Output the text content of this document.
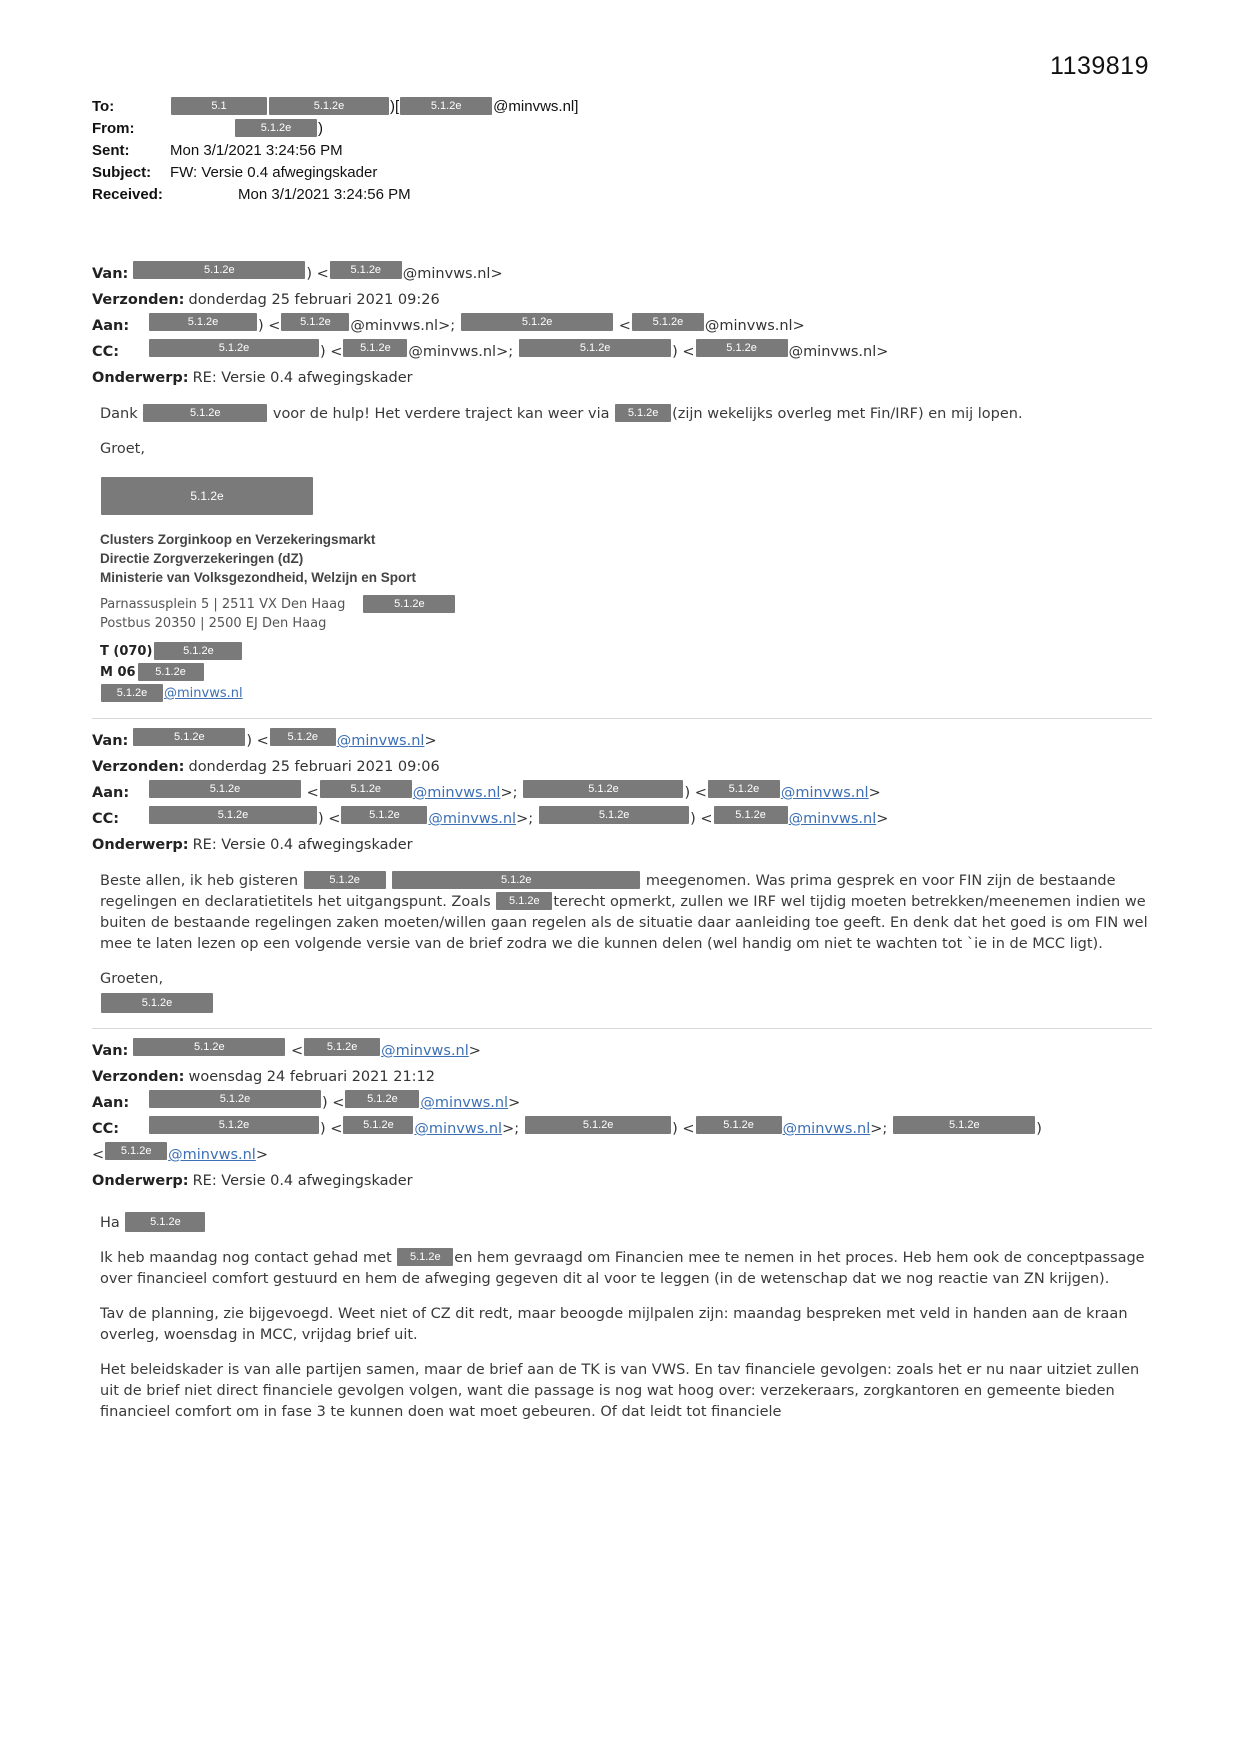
1139819
To:	5.1	5.1.2e	)[	5.1.2e @minvws.nl]
From:	5.1.2e )
Sent:	Mon 3/1/2021 3:24:56 PM
Subject:	FW: Versie 0.4 afwegingskader
Received:	Mon 3/1/2021 3:24:56 PM
Van:	5.1.2e	) <	5.1.2e	@minvws.nl >
Verzonden: donderdag 25 februari 2021 09:26
Aan:	5.1.2e	) <	5.1.2e	@minvws.nl >;	5.1.2e	<	5.1.2e	@minvws.nl >
CC:	5.1.2e	) <	5.1.2e	@minvws.nl >;	5.1.2e	) <	5.1.2e	@minvws.nl >
Onderwerp: RE: Versie 0.4 afwegingskader
Dank	5.1.2e	voor de hulp! Het verdere traject kan weer via 5.1.2e (zijn wekelijks overleg met Fin/IRF) en mij lopen.
Groet,
5.1.2e
Clusters Zorginkoop en Verzekeringsmarkt
Directie Zorgverzekeringen (dZ)
Ministerie van Volksgezondheid, Welzijn en Sport
Parnassusplein 5 | 2511 VX Den Haag	5.1.2e
Postbus 20350 | 2500 EJ Den Haag
T (070)	5.1.2e
M 06 5.1.2e
5.1.2e @minvws.nl
Van:	5.1.2e	) <	5.1.2e	@minvws.nl >
Verzonden: donderdag 25 februari 2021 09:06
Aan:	5.1.2e	<	5.1.2e	@minvws.nl >;	5.1.2e	) <	5.1.2e	@minvws.nl >
CC:	5.1.2e	) <	5.1.2e	@minvws.nl >;	5.1.2e	) <	5.1.2e	@minvws.nl >
Onderwerp: RE: Versie 0.4 afwegingskader
Beste allen, ik heb gisteren	5.1.2e	5.1.2e	meegenomen. Was prima gesprek en voor FIN zijn de bestaande regelingen en declaratietitels het uitgangspunt. Zoals 5.1.2e terecht opmerkt, zullen we IRF wel tijdig moeten betrekken/meenemen indien we buiten de bestaande regelingen zaken moeten/willen gaan regelen als de situatie daar aanleiding toe geeft. En denk dat het goed is om FIN wel mee te laten lezen op een volgende versie van de brief zodra we die kunnen delen (wel handig om niet te wachten tot `ie in de MCC ligt).
Groeten,
5.1.2e
Van:	5.1.2e	<	5.1.2e	@minvws.nl >
Verzonden: woensdag 24 februari 2021 21:12
Aan:	5.1.2e	) <	5.1.2e	@minvws.nl >
CC:	5.1.2e	) <	5.1.2e	@minvws.nl >;	5.1.2e	) <	5.1.2e	@minvws.nl >;	5.1.2e	)
<	5.1.2e	@minvws.nl >
Onderwerp: RE: Versie 0.4 afwegingskader
Ha	5.1.2e
Ik heb maandag nog contact gehad met 5.1.2e en hem gevraagd om Financien mee te nemen in het proces. Heb hem ook de conceptpassage over financieel comfort gestuurd en hem de afweging gegeven dit al voor te leggen (in de wetenschap dat we nog reactie van ZN krijgen).
Tav de planning, zie bijgevoegd. Weet niet of CZ dit redt, maar beoogde mijlpalen zijn: maandag bespreken met veld in handen aan de kraan overleg, woensdag in MCC, vrijdag brief uit.
Het beleidskader is van alle partijen samen, maar de brief aan de TK is van VWS. En tav financiele gevolgen: zoals het er nu naar uitziet zullen uit de brief niet direct financiele gevolgen volgen, want die passage is nog wat hoog over: verzekeraars, zorgkantoren en gemeente bieden financieel comfort om in fase 3 te kunnen doen wat moet gebeuren. Of dat leidt tot financiele
